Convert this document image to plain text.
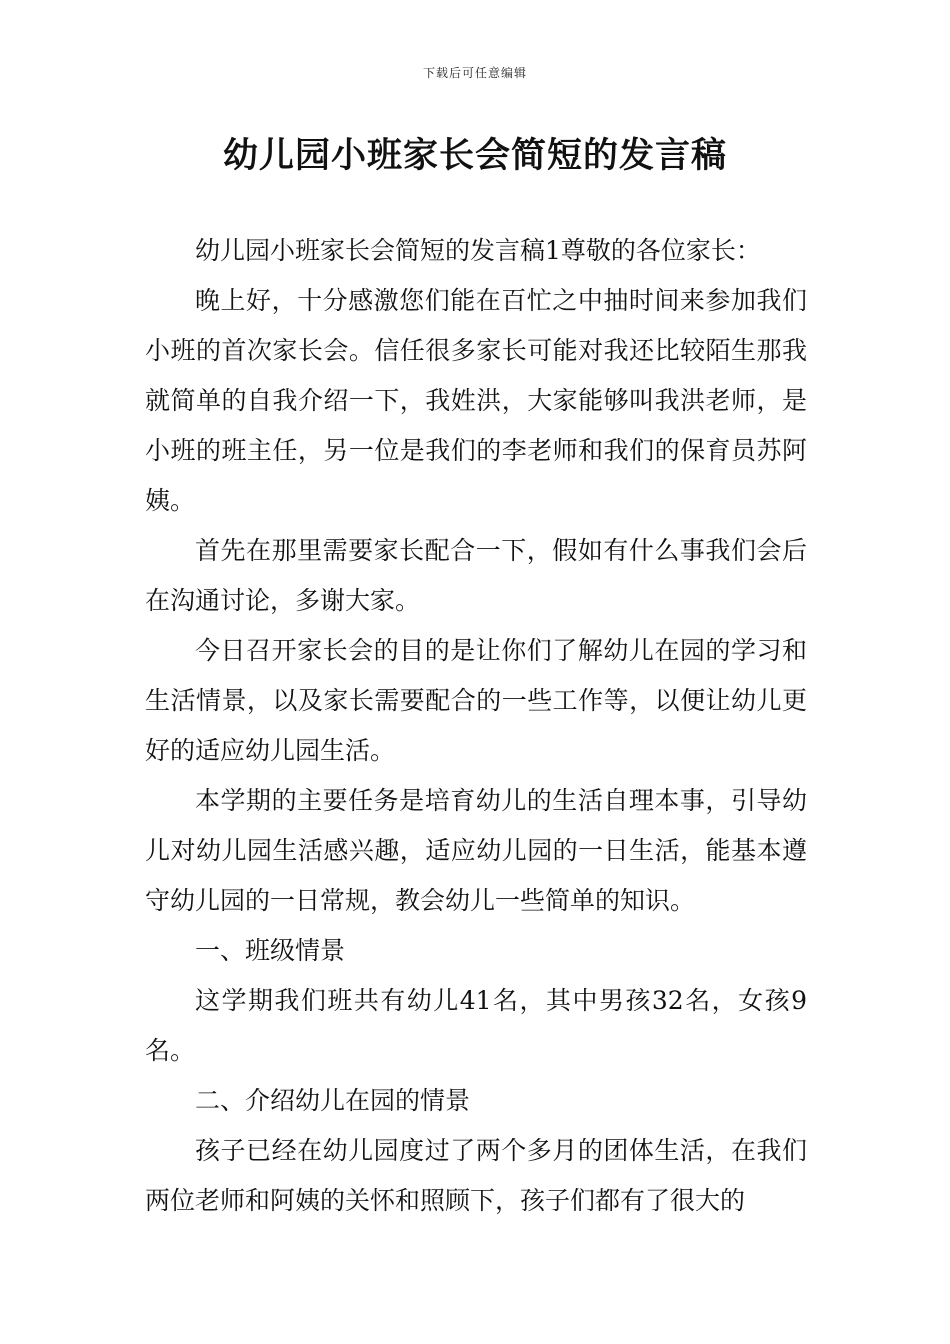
下载后可任意编辑
幼儿园小班家长会简短的发言稿

幼儿园小班家长会简短的发言稿1尊敬的各位家长：

晚上好，十分感激您们能在百忙之中抽时间来参加我们小班的首次家长会。信任很多家长可能对我还比较陌生那我就简单的自我介绍一下，我姓洪，大家能够叫我洪老师，是小班的班主任，另一位是我们的李老师和我们的保育员苏阿姨。

首先在那里需要家长配合一下，假如有什么事我们会后在沟通讨论，多谢大家。

今日召开家长会的目的是让你们了解幼儿在园的学习和生活情景，以及家长需要配合的一些工作等，以便让幼儿更好的适应幼儿园生活。

本学期的主要任务是培育幼儿的生活自理本事，引导幼儿对幼儿园生活感兴趣，适应幼儿园的一日生活，能基本遵守幼儿园的一日常规，教会幼儿一些简单的知识。

一、班级情景

这学期我们班共有幼儿41名，其中男孩32名，女孩9名。

二、介绍幼儿在园的情景

孩子已经在幼儿园度过了两个多月的团体生活，在我们两位老师和阿姨的关怀和照顾下，孩子们都有了很大的
